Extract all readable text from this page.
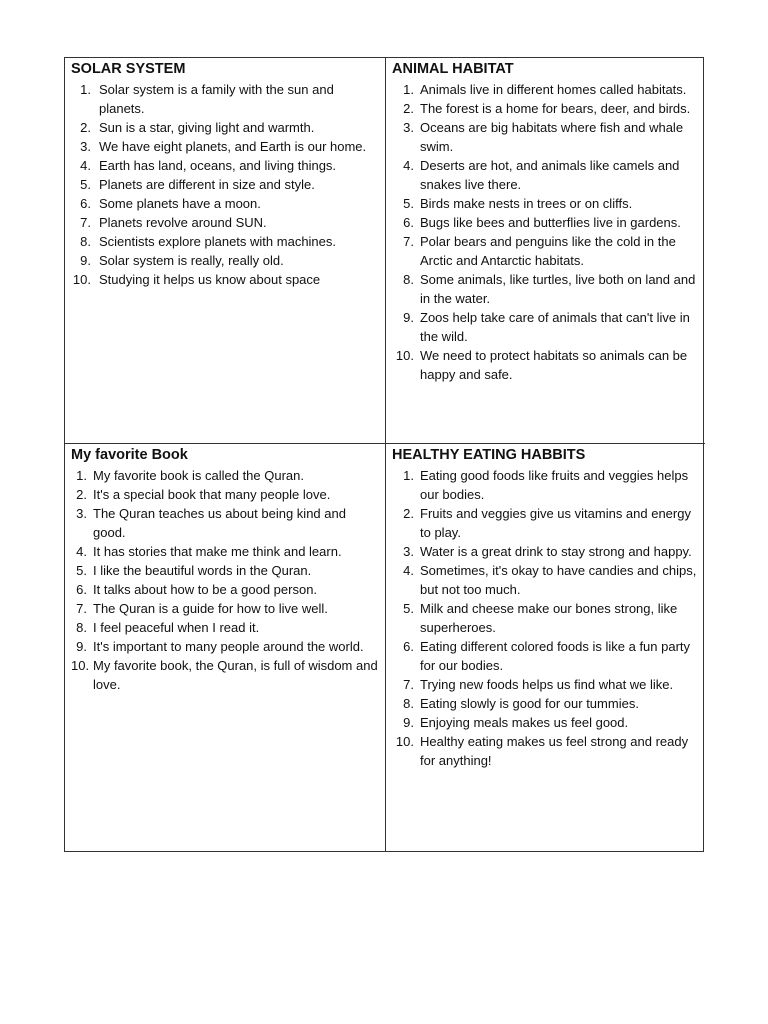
SOLAR SYSTEM
1. Solar system is a family with the sun and planets.
2. Sun is a star, giving light and warmth.
3. We have eight planets, and Earth is our home.
4. Earth has land, oceans, and living things.
5. Planets are different in size and style.
6. Some planets have a moon.
7. Planets revolve around SUN.
8. Scientists explore planets with machines.
9. Solar system is really, really old.
10. Studying it helps us know about space
ANIMAL HABITAT
1. Animals live in different homes called habitats.
2. The forest is a home for bears, deer, and birds.
3. Oceans are big habitats where fish and whale swim.
4. Deserts are hot, and animals like camels and snakes live there.
5. Birds make nests in trees or on cliffs.
6. Bugs like bees and butterflies live in gardens.
7. Polar bears and penguins like the cold in the Arctic and Antarctic habitats.
8. Some animals, like turtles, live both on land and in the water.
9. Zoos help take care of animals that can't live in the wild.
10. We need to protect habitats so animals can be happy and safe.
My favorite Book
1. My favorite book is called the Quran.
2. It's a special book that many people love.
3. The Quran teaches us about being kind and good.
4. It has stories that make me think and learn.
5. I like the beautiful words in the Quran.
6. It talks about how to be a good person.
7. The Quran is a guide for how to live well.
8. I feel peaceful when I read it.
9. It's important to many people around the world.
10. My favorite book, the Quran, is full of wisdom and love.
HEALTHY EATING HABBITS
1. Eating good foods like fruits and veggies helps our bodies.
2. Fruits and veggies give us vitamins and energy to play.
3. Water is a great drink to stay strong and happy.
4. Sometimes, it's okay to have candies and chips, but not too much.
5. Milk and cheese make our bones strong, like superheroes.
6. Eating different colored foods is like a fun party for our bodies.
7. Trying new foods helps us find what we like.
8. Eating slowly is good for our tummies.
9. Enjoying meals makes us feel good.
10. Healthy eating makes us feel strong and ready for anything!
